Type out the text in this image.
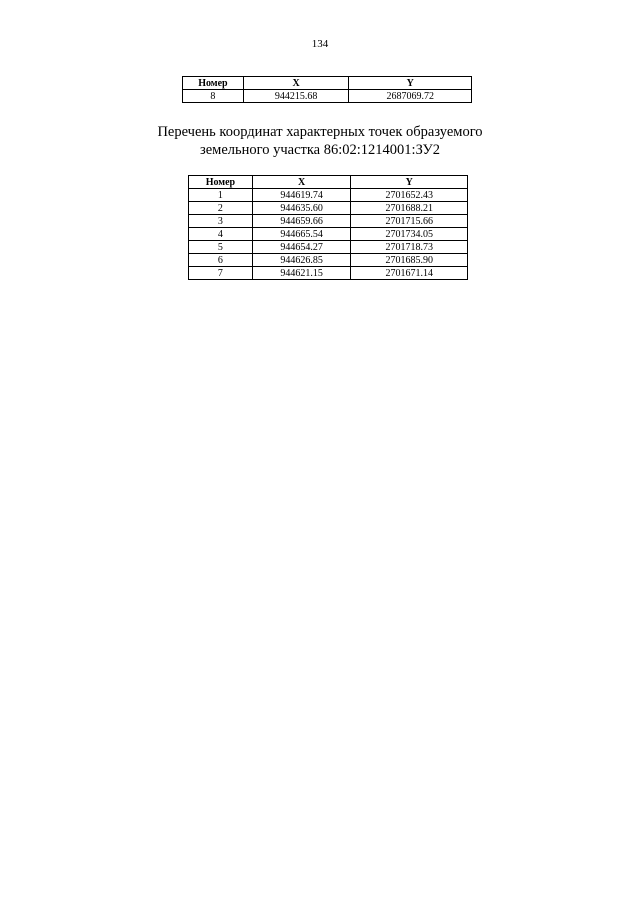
134
Номер	X	Y
8	944215.68	2687069.72
Перечень координат характерных точек образуемого
земельного участка 86:02:1214001:ЗУ2
Номер	X	Y
1	944619.74	2701652.43
2	944635.60	2701688.21
3	944659.66	2701715.66
4	944665.54	2701734.05
5	944654.27	2701718.73
6	944626.85	2701685.90
7	944621.15	2701671.14
